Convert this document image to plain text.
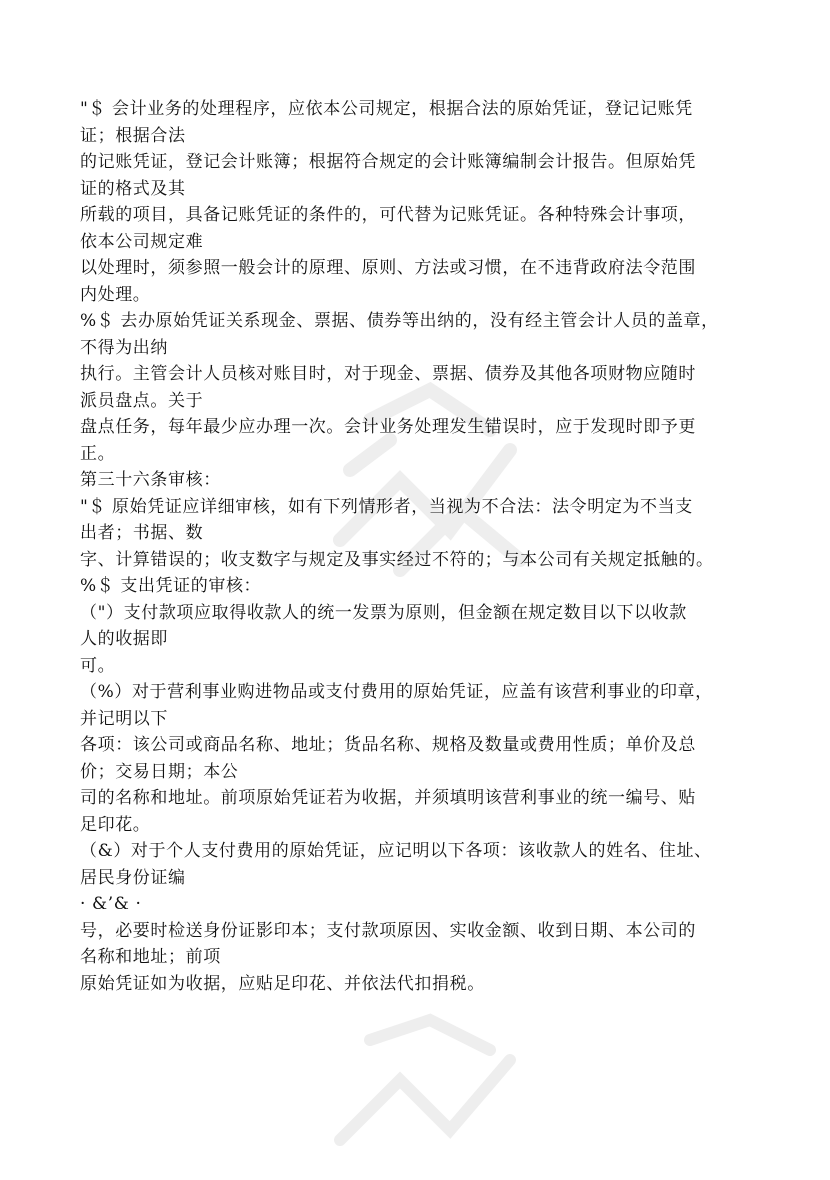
"＄ 会计业务的处理程序，应依本公司规定，根据合法的原始凭证，登记记账凭
证；根据合法
的记账凭证，登记会计账簿；根据符合规定的会计账簿编制会计报告。但原始凭
证的格式及其
所载的项目，具备记账凭证的条件的，可代替为记账凭证。各种特殊会计事项，
依本公司规定难
以处理时，须参照一般会计的原理、原则、方法或习惯，在不违背政府法令范围
内处理。
%＄ 去办原始凭证关系现金、票据、债券等出纳的，没有经主管会计人员的盖章，
不得为出纳
执行。主管会计人员核对账目时，对于现金、票据、债券及其他各项财物应随时
派员盘点。关于
盘点任务，每年最少应办理一次。会计业务处理发生错误时，应于发现时即予更
正。
第三十六条审核：
"＄ 原始凭证应详细审核，如有下列情形者，当视为不合法：法令明定为不当支
出者；书据、数
字、计算错误的；收支数字与规定及事实经过不符的；与本公司有关规定抵触的。
%＄ 支出凭证的审核：
（"）支付款项应取得收款人的统一发票为原则，但金额在规定数目以下以收款
人的收据即
可。
（%）对于营利事业购进物品或支付费用的原始凭证，应盖有该营利事业的印章，
并记明以下
各项：该公司或商品名称、地址；货品名称、规格及数量或费用性质；单价及总
价；交易日期；本公
司的名称和地址。前项原始凭证若为收据，并须填明该营利事业的统一编号、贴
足印花。
（&）对于个人支付费用的原始凭证，应记明以下各项：该收款人的姓名、住址、
居民身份证编
· &’& ·
号，必要时检送身份证影印本；支付款项原因、实收金额、收到日期、本公司的
名称和地址；前项
原始凭证如为收据，应贴足印花、并依法代扣捐税。
